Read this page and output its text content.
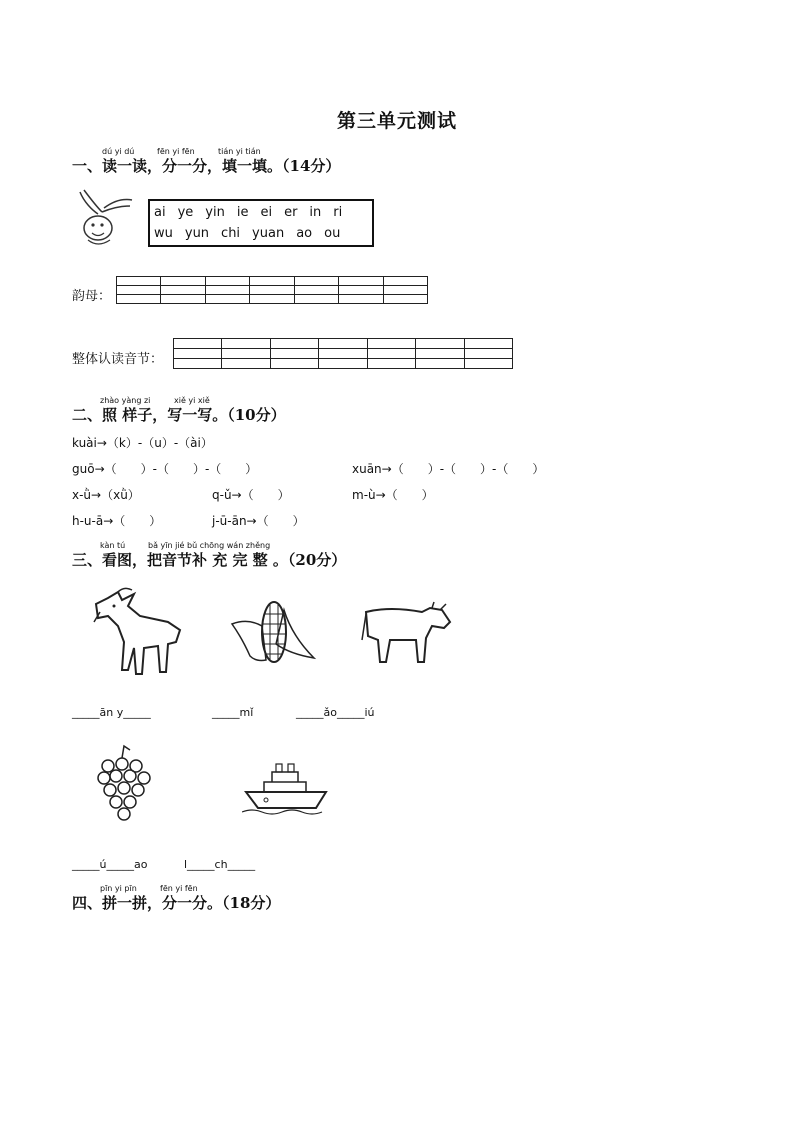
第三单元测试
dú yi dú	fēn yi fēn	tián yi tián
一、读一读，分一分，填一填。（14分）
ai ye yin ie ei er in ri
wu yun chi yuan ao ou
韵母：

整体认读音节：

zhào yàng zi	xiě yi xiě
二、照 样子，写一写。（10分）
kuài→（k）-（u）-（ài）
guō→（　　）-（　　）-（　　）	xuān→（　　）-（　　）-（　　）
x-ǜ→（xǜ）	q-ǔ→（　　）	m-ù→（　　）
h-u-ā→（　　）	j-ū-ān→（　　）
kàn tú	bǎ yīn jié bǔ chōng wán zhěng
三、看图，把音节补 充 完 整 。（20分）
_____ān y_____	_____mǐ	_____ǎo_____iú
_____ú_____ao	l_____ch_____
pīn yi pīn	fēn yi fēn
四、拼一拼，分一分。（18分）
